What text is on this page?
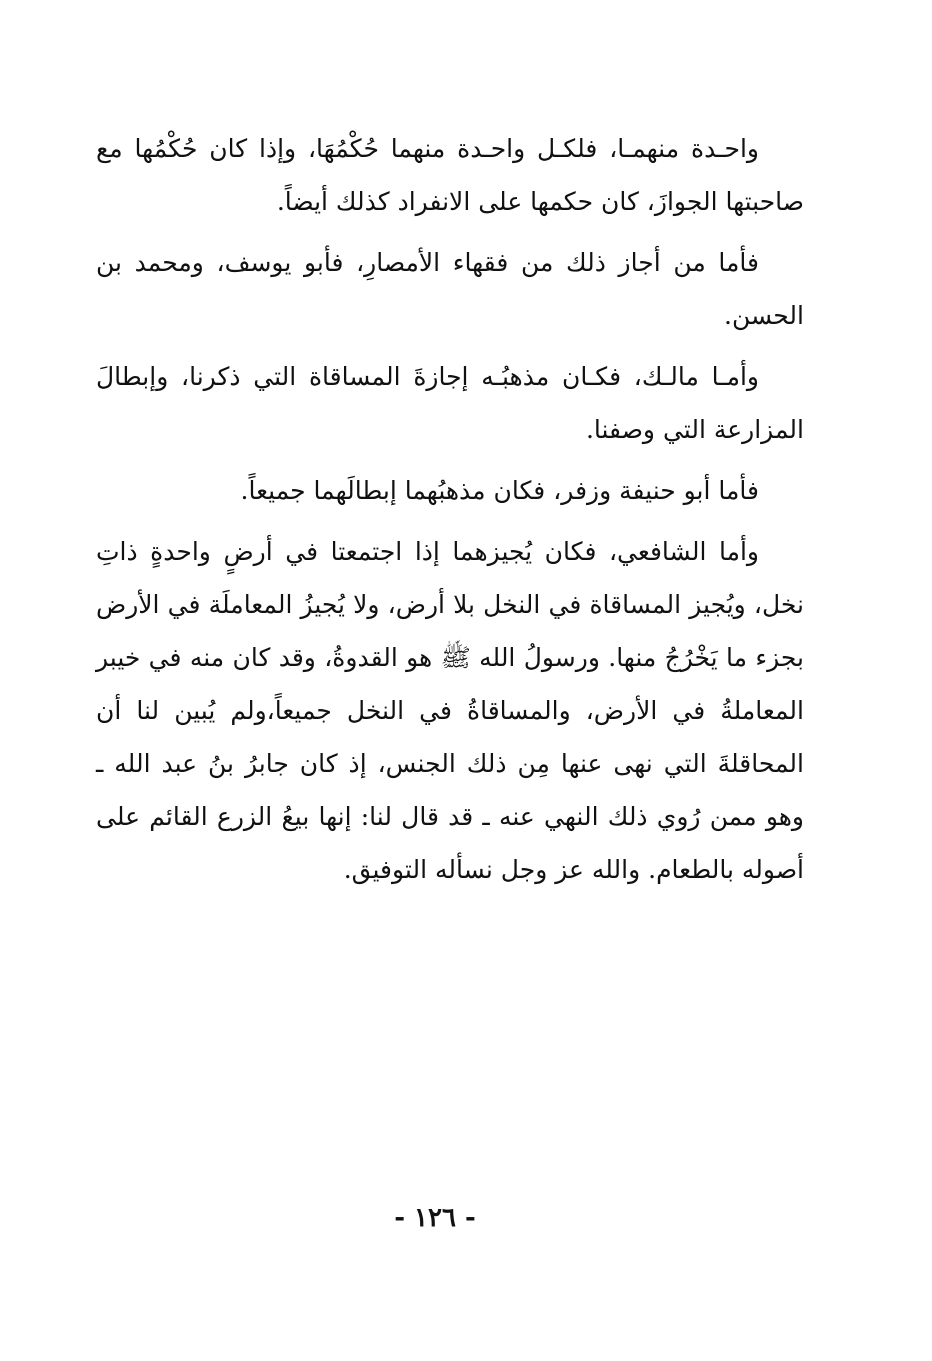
واحـدة منهمـا، فلكـل واحـدة منهما حُكْمُهَا، وإذا كان حُكْمُها مع صاحبتها الجوازَ، كان حكمها على الانفراد كذلك أيضاً.

فأما من أجاز ذلك من فقهاء الأمصارِ، فأبو يوسف، ومحمد بن الحسن.

وأمـا مالـك، فكـان مذهبُـه إجازةَ المساقاة التي ذكرنا، وإبطالَ المزارعة التي وصفنا.

فأما أبو حنيفة وزفر، فكان مذهبُهما إبطالَهما جميعاً.

وأما الشافعي، فكان يُجيزهما إذا اجتمعتا في أرضٍ واحدةٍ ذاتِ نخل، ويُجيز المساقاة في النخل بلا أرض، ولا يُجيزُ المعاملَة في الأرض بجزء ما يَخْرُجُ منها. ورسولُ الله ﷺ هو القدوةُ، وقد كان منه في خيبر المعاملةُ في الأرض، والمساقاةُ في النخل جميعاً،ولم يُبين لنا أن المحاقلةَ التي نهى عنها مِن ذلك الجنس، إذ كان جابرُ بنُ عبد الله ـ وهو ممن رُوي ذلك النهي عنه ـ قد قال لنا: إنها بيعُ الزرع القائم على أصوله بالطعام. والله عز وجل نسأله التوفيق.

- ١٢٦ -
